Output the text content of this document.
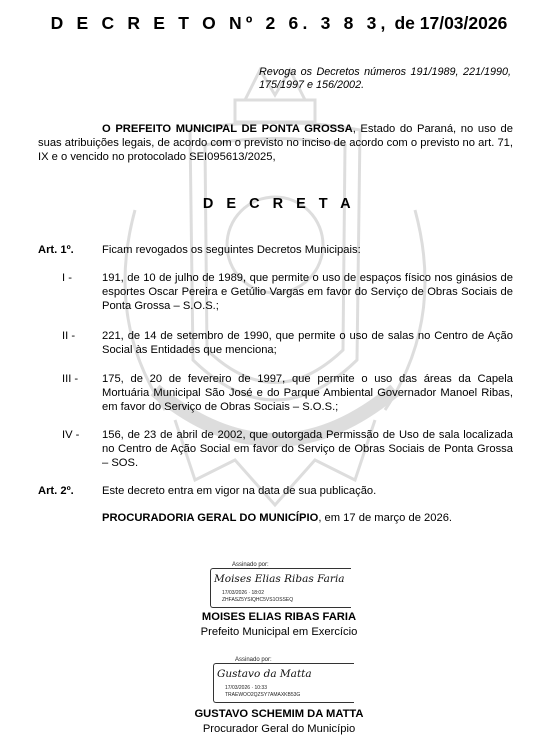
D E C R E T O Nº 2 6. 3 8 3, de 17/03/2026
Revoga os Decretos números 191/1989, 221/1990, 175/1997 e 156/2002.
O PREFEITO MUNICIPAL DE PONTA GROSSA, Estado do Paraná, no uso de suas atribuições legais, de acordo com o previsto no inciso de acordo com o previsto no art. 71, IX e o vencido no protocolado SEI095613/2025,
D E C R E T A
Art. 1º.	Ficam revogados os seguintes Decretos Municipais:
I -	191, de 10 de julho de 1989, que permite o uso de espaços físico nos ginásios de esportes Oscar Pereira e Getúlio Vargas em favor do Serviço de Obras Sociais de Ponta Grossa – S.O.S.;
II - 221, de 14 de setembro de 1990, que permite o uso de salas no Centro de Ação Social às Entidades que menciona;
III - 175, de 20 de fevereiro de 1997, que permite o uso das áreas da Capela Mortuária Municipal São José e do Parque Ambiental Governador Manoel Ribas, em favor do Serviço de Obras Sociais – S.O.S.;
IV - 156, de 23 de abril de 2002, que outorgada Permissão de Uso de sala localizada no Centro de Ação Social em favor do Serviço de Obras Sociais de Ponta Grossa – SOS.
Art. 2º.	Este decreto entra em vigor na data de sua publicação.
PROCURADORIA GERAL DO MUNICÍPIO, em 17 de março de 2026.
Assinado por:
Moises Elias Ribas Faria
17/03/2026 · 18:02
ZHFASZ5YSIQHC5VS1OSSEQ
MOISES ELIAS RIBAS FARIA
Prefeito Municipal em Exercício
Assinado por:
Gustavo da Matta
17/03/2026 · 10:33
TRAEWOO2QZSY7AMAXKB53G
GUSTAVO SCHEMIM DA MATTA
Procurador Geral do Município
